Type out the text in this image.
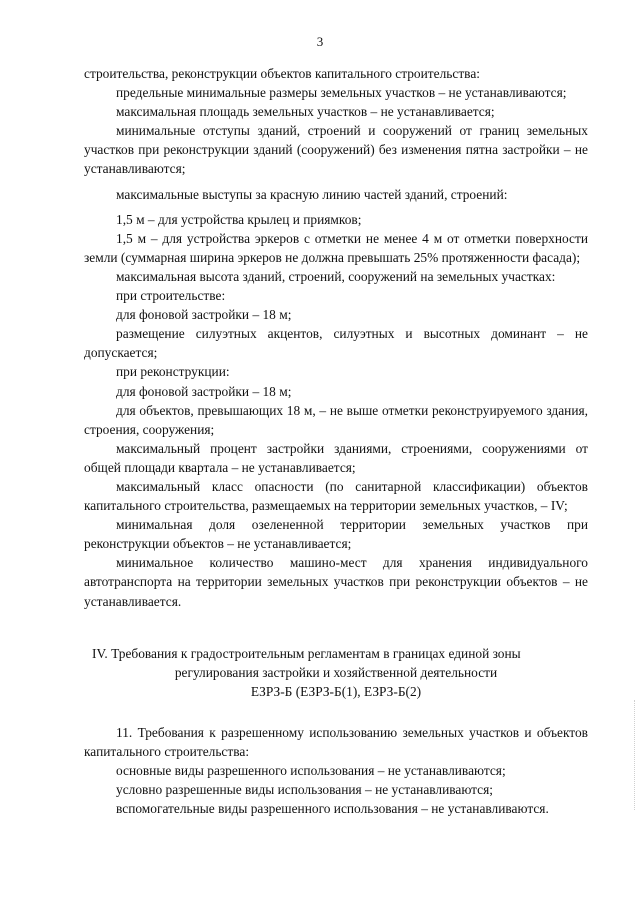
3

строительства, реконструкции объектов капитального строительства:

предельные минимальные размеры земельных участков – не устанавливаются;

максимальная площадь земельных участков – не устанавливается;

минимальные отступы зданий, строений и сооружений от границ земельных участков при реконструкции зданий (сооружений) без изменения пятна застройки – не устанавливаются;

максимальные выступы за красную линию частей зданий, строений:

1,5 м – для устройства крылец и приямков;

1,5 м – для устройства эркеров с отметки не менее 4 м от отметки поверхности земли (суммарная ширина эркеров не должна превышать 25% протяженности фасада);

максимальная высота зданий, строений, сооружений на земельных участках:

при строительстве:

для фоновой застройки – 18 м;

размещение силуэтных акцентов, силуэтных и высотных доминант – не допускается;

при реконструкции:

для фоновой застройки – 18 м;

для объектов, превышающих 18 м, – не выше отметки реконструируемого здания, строения, сооружения;

максимальный процент застройки зданиями, строениями, сооружениями от общей площади квартала – не устанавливается;

максимальный класс опасности (по санитарной классификации) объектов капитального строительства, размещаемых на территории земельных участков, – IV;

минимальная доля озелененной территории земельных участков при реконструкции объектов – не устанавливается;

минимальное количество машино-мест для хранения индивидуального автотранспорта на территории земельных участков при реконструкции объектов – не устанавливается.

IV. Требования к градостроительным регламентам в границах единой зоны
регулирования застройки и хозяйственной деятельности
ЕЗРЗ-Б (ЕЗРЗ-Б(1), ЕЗРЗ-Б(2)

11. Требования к разрешенному использованию земельных участков и объектов капитального строительства:

основные виды разрешенного использования – не устанавливаются;

условно разрешенные виды использования – не устанавливаются;

вспомогательные виды разрешенного использования – не устанавливаются.
